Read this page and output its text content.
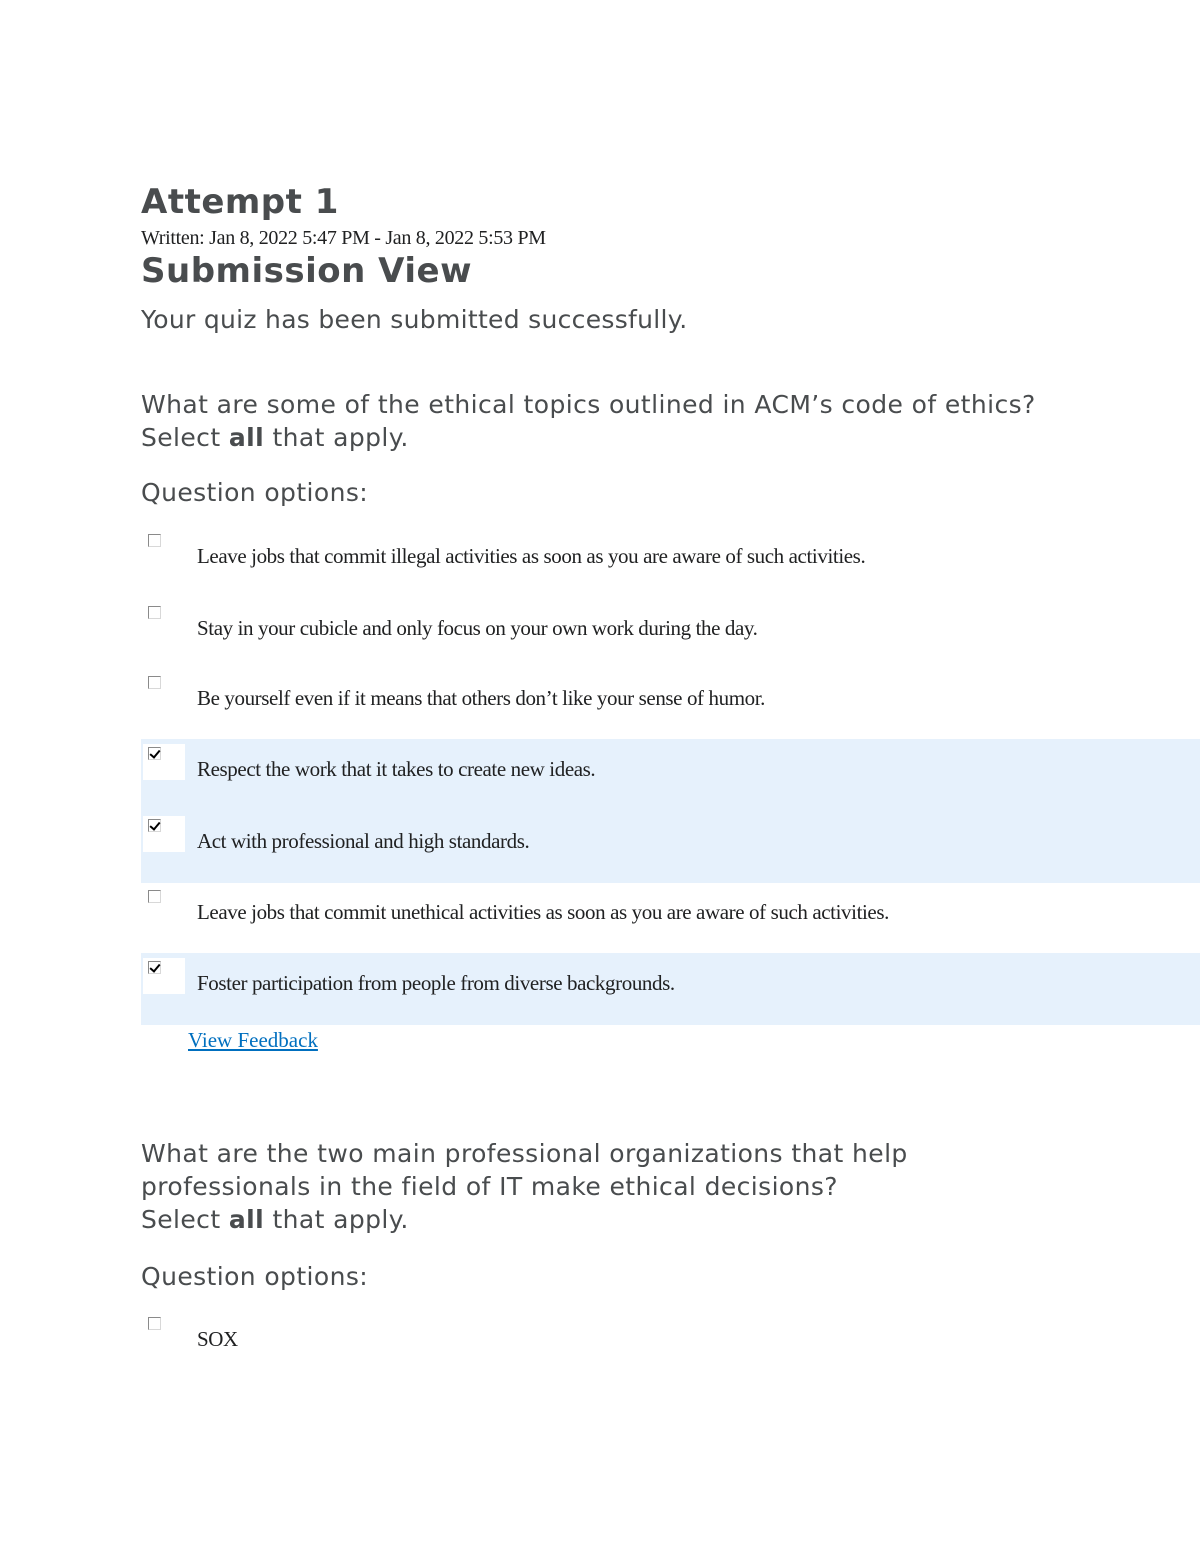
Attempt 1
Written: Jan 8, 2022 5:47 PM - Jan 8, 2022 5:53 PM
Submission View
Your quiz has been submitted successfully.
What are some of the ethical topics outlined in ACM’s code of ethics? Select all that apply.
Question options:
Leave jobs that commit illegal activities as soon as you are aware of such activities.
Stay in your cubicle and only focus on your own work during the day.
Be yourself even if it means that others don’t like your sense of humor.
Respect the work that it takes to create new ideas.
Act with professional and high standards.
Leave jobs that commit unethical activities as soon as you are aware of such activities.
Foster participation from people from diverse backgrounds.
View Feedback
What are the two main professional organizations that help
professionals in the field of IT make ethical decisions?
Select all that apply.
Question options:
SOX
